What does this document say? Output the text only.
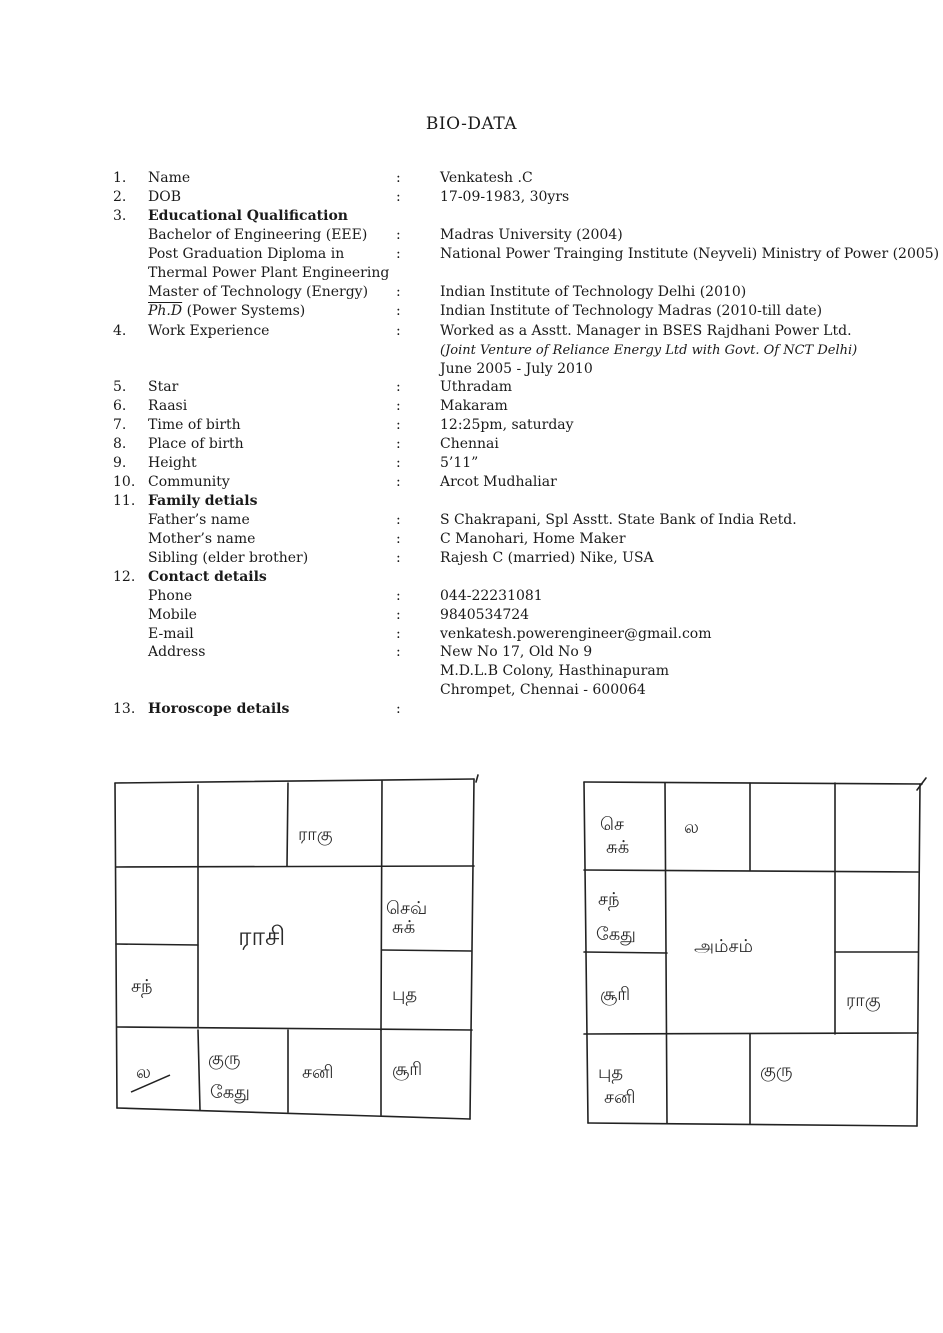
BIO-DATA
1. Name	:	Venkatesh .C
2. DOB	:	17-09-1983, 30yrs
3. Educational Qualification
Bachelor of Engineering (EEE) :	Madras University (2004)
Post Graduation Diploma in	:	National Power Trainging Institute (Neyveli) Ministry of Power (2005)
Thermal Power Plant Engineering
Master of Technology (Energy) :	Indian Institute of Technology Delhi (2010)
Ph.D (Power Systems)	:	Indian Institute of Technology Madras (2010-till date)
4. Work Experience	:	Worked as a Asstt. Manager in BSES Rajdhani Power Ltd.
(Joint Venture of Reliance Energy Ltd with Govt. Of NCT Delhi)
June 2005 - July 2010
5. Star	:	Uthradam
6. Raasi	:	Makaram
7. Time of birth	:	12:25pm, saturday
8. Place of birth	:	Chennai
9. Height	:	5’11”
10. Community	:	Arcot Mudhaliar
11. Family detials
Father’s name	:	S Chakrapani, Spl Asstt. State Bank of India Retd.
Mother’s name	:	C Manohari, Home Maker
Sibling (elder brother)	:	Rajesh C (married) Nike, USA
12. Contact details
Phone	:	044-22231081
Mobile	:	9840534724
E-mail	:	venkatesh.powerengineer@gmail.com
Address	:	New No 17, Old No 9
M.D.L.B Colony, Hasthinapuram
Chrompet, Chennai - 600064
13. Horoscope details	:
ராசி
ராகு
செவ்
சுக்
புத
சந்
ல
குரு
கேது
சனி	சூரி
அம்சம்
செ
சுக்
ல
சந்
கேது
சூரி	ராகு
புத
சனி
குரு
